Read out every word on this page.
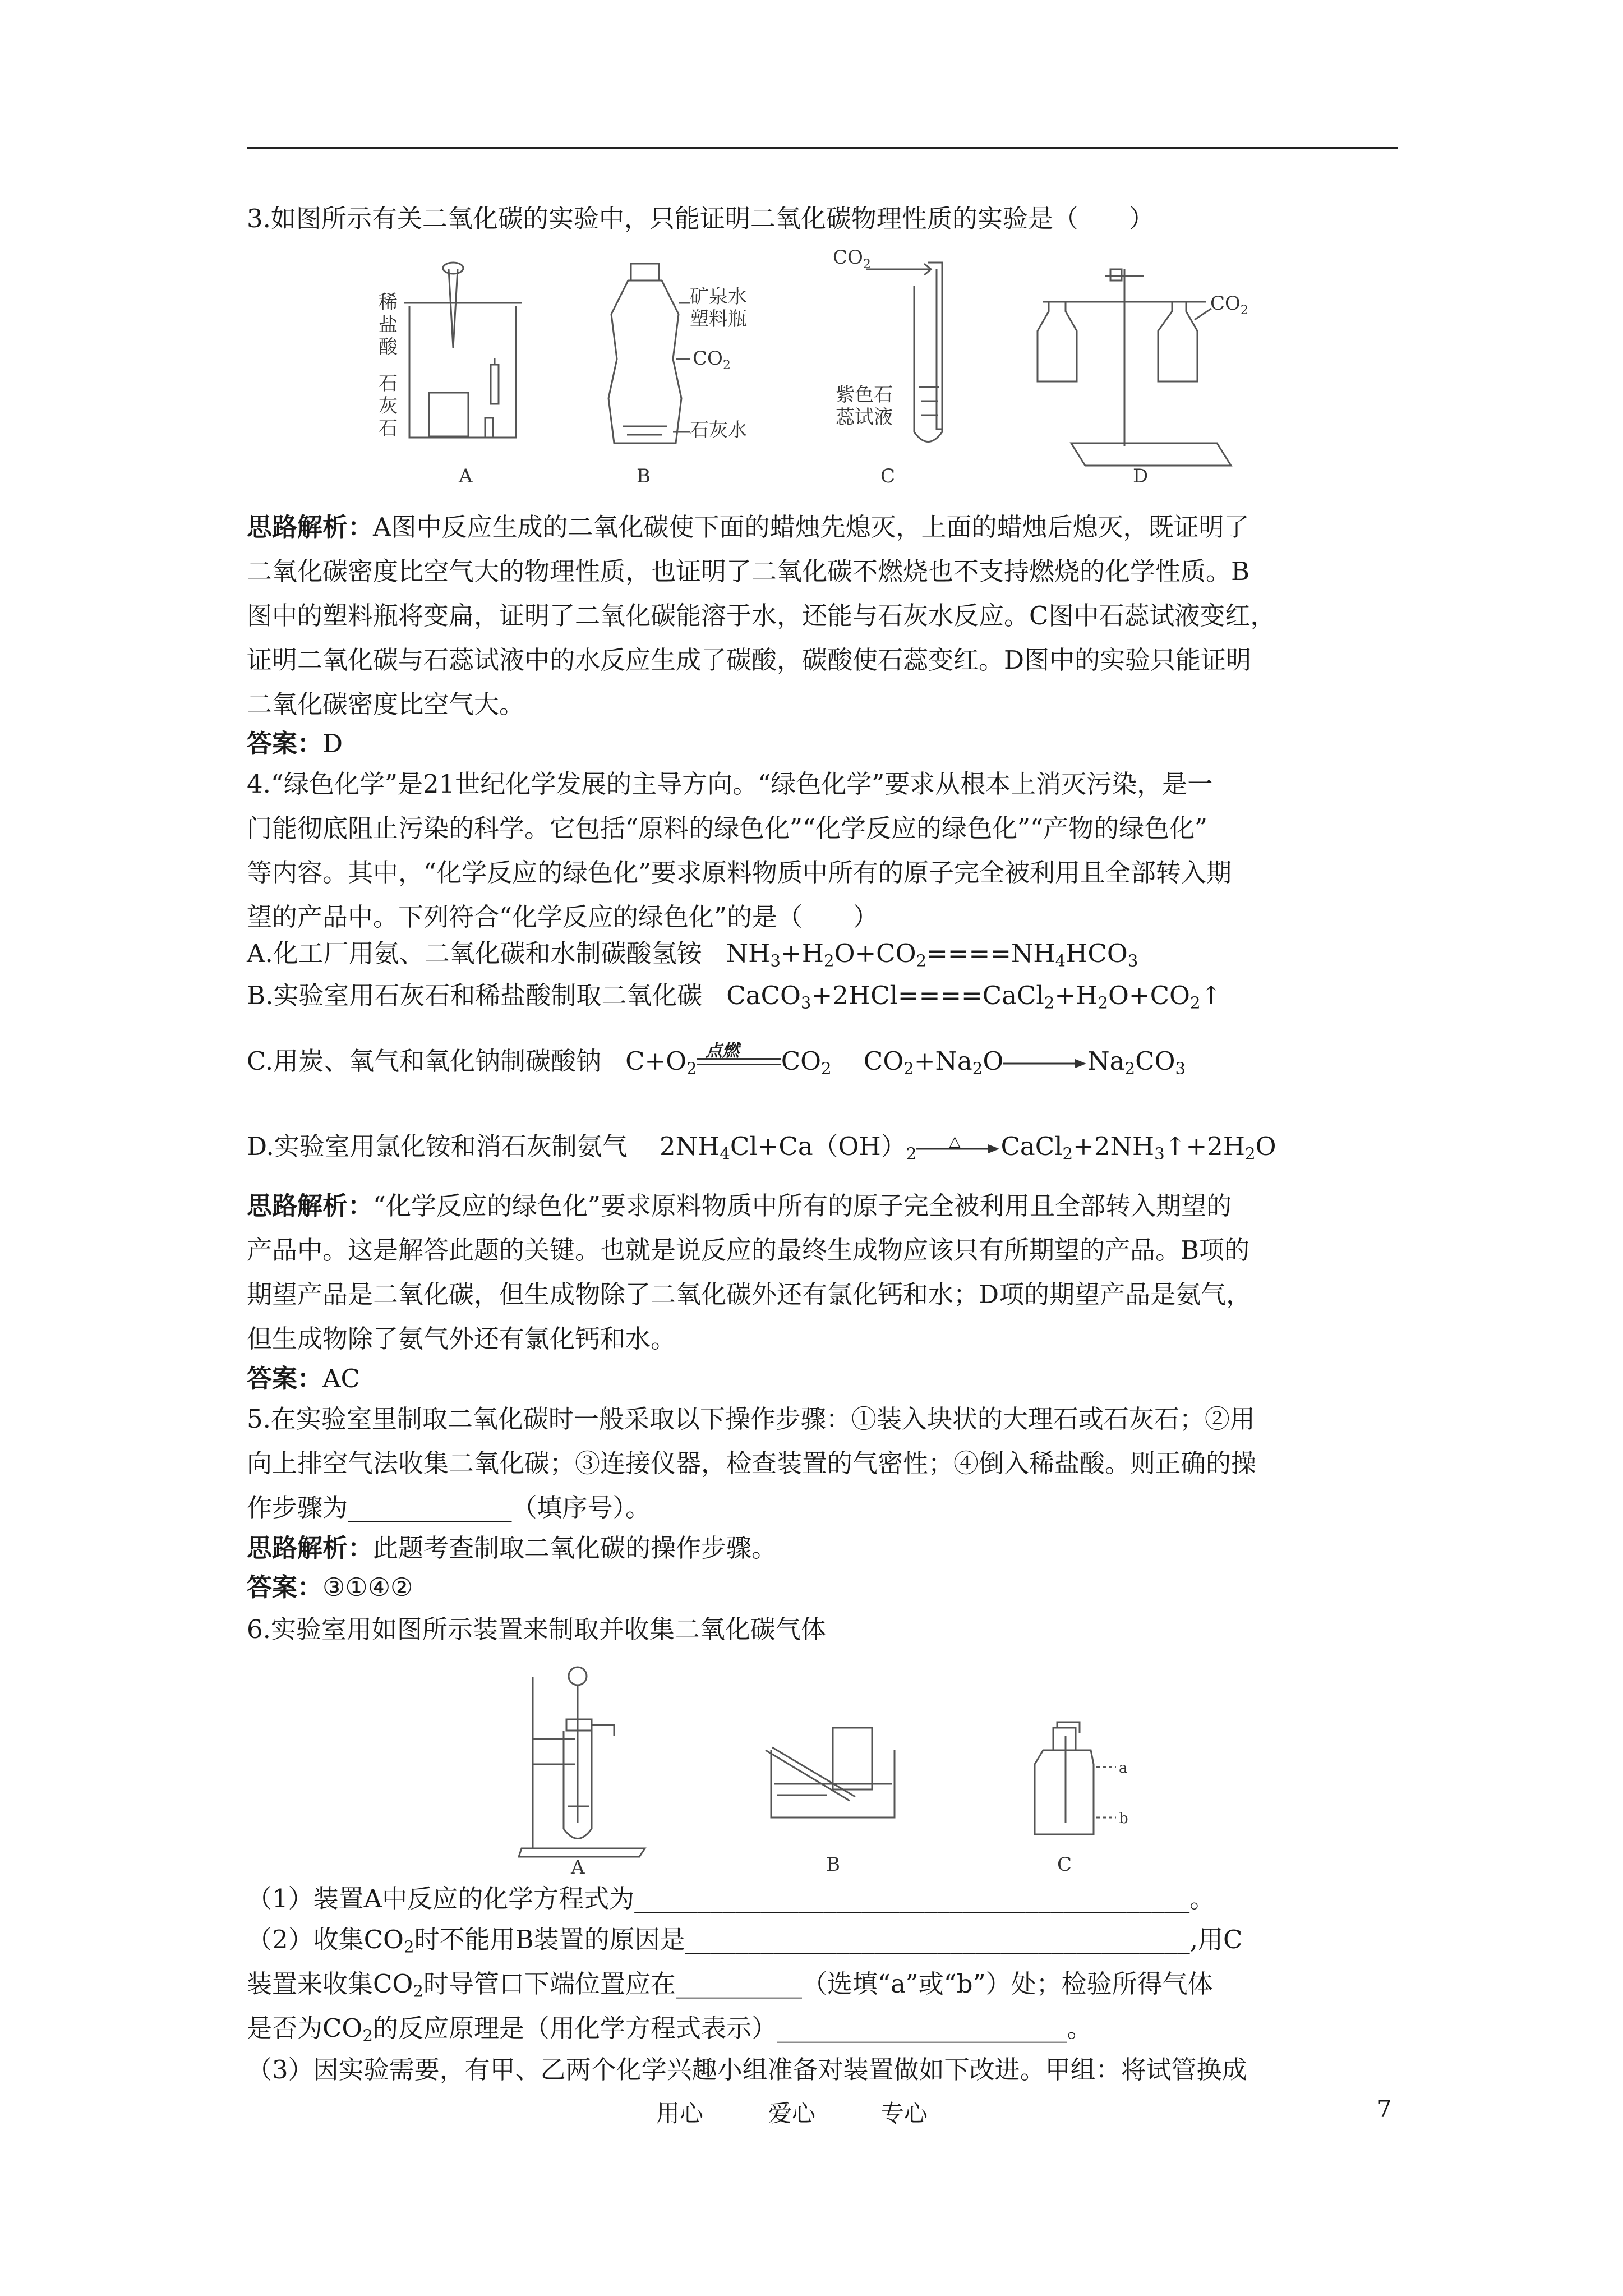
3.如图所示有关二氧化碳的实验中，只能证明二氧化碳物理性质的实验是（　　）
稀
盐
酸
石
灰
石
A
矿泉水
塑料瓶
$CO_2$
石灰水
B
$CO_2$
紫色石
蕊试液
C
$CO_2$
D
思路解析：A图中反应生成的二氧化碳使下面的蜡烛先熄灭，上面的蜡烛后熄灭，既证明了
二氧化碳密度比空气大的物理性质，也证明了二氧化碳不燃烧也不支持燃烧的化学性质。B
图中的塑料瓶将变扁，证明了二氧化碳能溶于水，还能与石灰水反应。C图中石蕊试液变红，
证明二氧化碳与石蕊试液中的水反应生成了碳酸，碳酸使石蕊变红。D图中的实验只能证明
二氧化碳密度比空气大。
答案：D
4.“绿色化学”是21世纪化学发展的主导方向。“绿色化学”要求从根本上消灭污染，是一
门能彻底阻止污染的科学。它包括“原料的绿色化”“化学反应的绿色化”“产物的绿色化”
等内容。其中，“化学反应的绿色化”要求原料物质中所有的原子完全被利用且全部转入期
望的产品中。下列符合“化学反应的绿色化”的是（　　）
A.化工厂用氨、二氧化碳和水制碳酸氢铵 $NH_3+H_2O+CO_2====NH_4HCO_3$
B.实验室用石灰石和稀盐酸制取二氧化碳 $CaCO_3+2HCl====CaCl_2+H_2O+CO_2↑$
C.用炭、氧气和氧化钠制碳酸钠 $C+O_2$
点燃 $CO_2$ $CO_2+Na_2O$	$Na_2CO_3$
D.实验室用氯化铵和消石灰制氨气 $2NH_4Cl+Ca(OH)_2$
△ $CaCl_2+2NH_3↑+2H_2O$
思路解析：“化学反应的绿色化”要求原料物质中所有的原子完全被利用且全部转入期望的
产品中。这是解答此题的关键。也就是说反应的最终生成物应该只有所期望的产品。B项的
期望产品是二氧化碳，但生成物除了二氧化碳外还有氯化钙和水；D项的期望产品是氨气，
但生成物除了氨气外还有氯化钙和水。
答案：AC
5.在实验室里制取二氧化碳时一般采取以下操作步骤：①装入块状的大理石或石灰石；②用
向上排空气法收集二氧化碳；③连接仪器，检查装置的气密性；④倒入稀盐酸。则正确的操
作步骤为_____________（填序号）。
思路解析：此题考查制取二氧化碳的操作步骤。
答案：③①④②
6.实验室用如图所示装置来制取并收集二氧化碳气体
A	B
a
b
C
（1）装置A中反应的化学方程式为____________________________________________。
（2）收集$CO_2$时不能用B装置的原因是________________________________________,用C
装置来收集$CO_2$时导管口下端位置应在__________（选填“a”或“b”）处；检验所得气体
是否为$CO_2$的反应原理是（用化学方程式表示）_______________________。
（3）因实验需要，有甲、乙两个化学兴趣小组准备对装置做如下改进。甲组：将试管换成
用心	爱心	专心	7
